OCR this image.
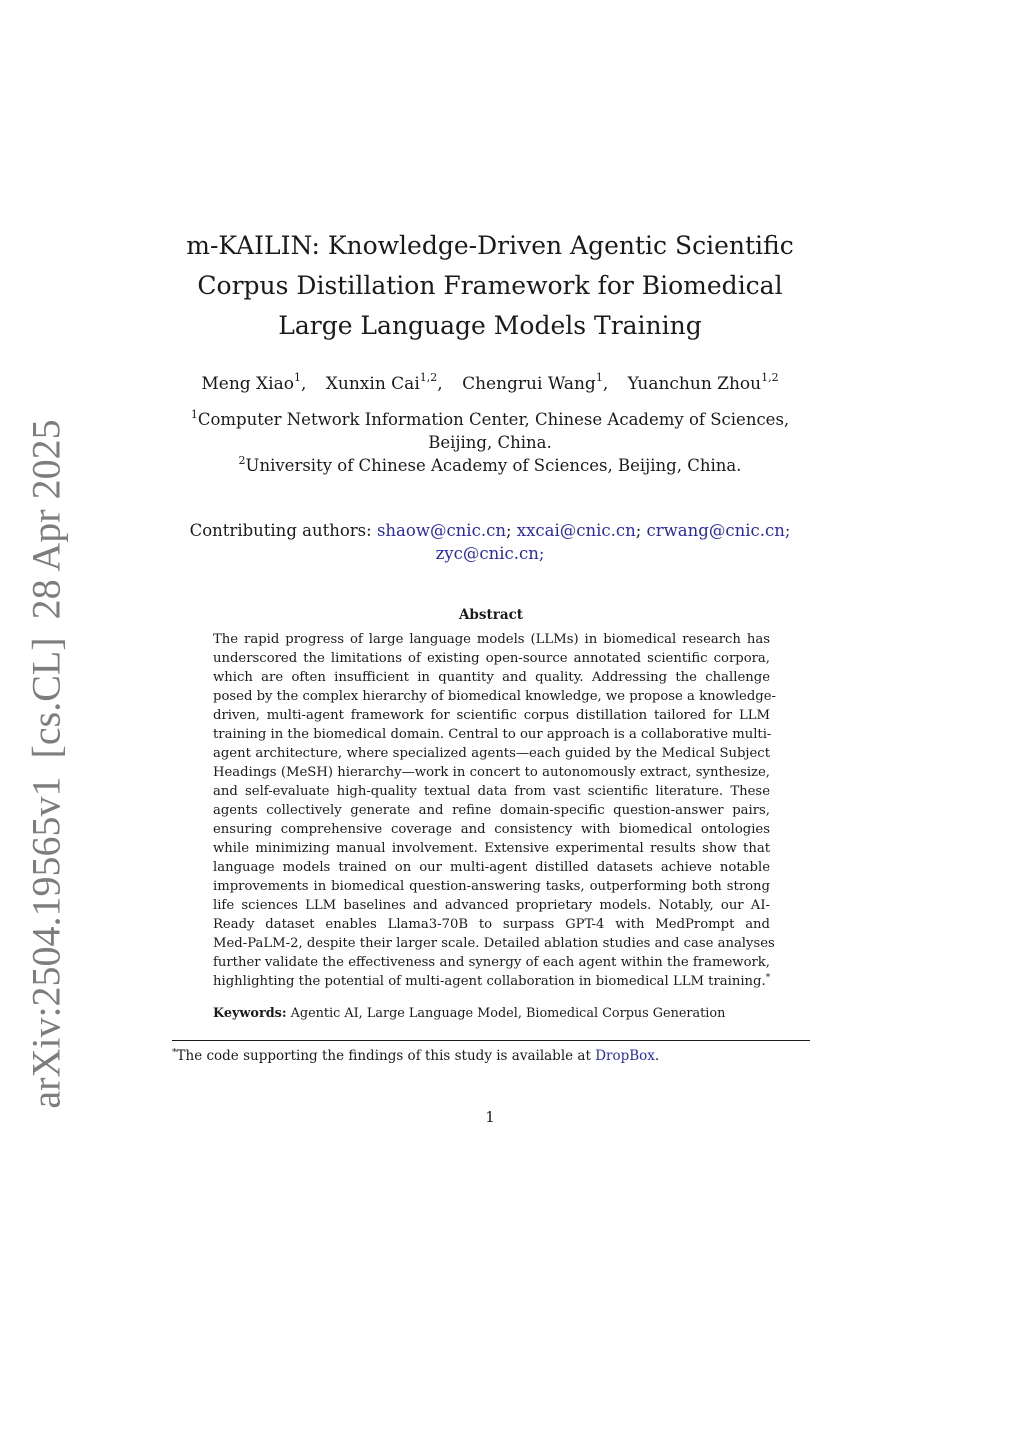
arXiv:2504.19565v1[cs.CL]28 Apr 2025
m-KAILIN: Knowledge-Driven Agentic Scientific
Corpus Distillation Framework for Biomedical
Large Language Models Training
Meng Xiao$^1$, Xunxin Cai$^{1,2}$, Chengrui Wang$^1$, Yuanchun Zhou$^{1,2}$
$^1$Computer Network Information Center, Chinese Academy of Sciences,
Beijing, China.
$^2$University of Chinese Academy of Sciences, Beijing, China.
Contributing authors: shaow@cnic.cn; xxcai@cnic.cn; crwang@cnic.cn;
zyc@cnic.cn;
Abstract
The rapid progress of large language models (LLMs) in biomedical research has
underscored the limitations of existing open-source annotated scientific corpora,
which are often insufficient in quantity and quality. Addressing the challenge
posed by the complex hierarchy of biomedical knowledge, we propose a knowledge-
driven, multi-agent framework for scientific corpus distillation tailored for LLM
training in the biomedical domain. Central to our approach is a collaborative multi-
agent architecture, where specialized agents—each guided by the Medical Subject
Headings (MeSH) hierarchy—work in concert to autonomously extract, synthesize,
and self-evaluate high-quality textual data from vast scientific literature. These
agents collectively generate and refine domain-specific question-answer pairs,
ensuring comprehensive coverage and consistency with biomedical ontologies
while minimizing manual involvement. Extensive experimental results show that
language models trained on our multi-agent distilled datasets achieve notable
improvements in biomedical question-answering tasks, outperforming both strong
life sciences LLM baselines and advanced proprietary models. Notably, our AI-
Ready dataset enables Llama3-70B to surpass GPT-4 with MedPrompt and
Med-PaLM-2, despite their larger scale. Detailed ablation studies and case analyses
further validate the effectiveness and synergy of each agent within the framework,
highlighting the potential of multi-agent collaboration in biomedical LLM training.*
Keywords: Agentic AI, Large Language Model, Biomedical Corpus Generation
*The code supporting the findings of this study is available at DropBox.
1
